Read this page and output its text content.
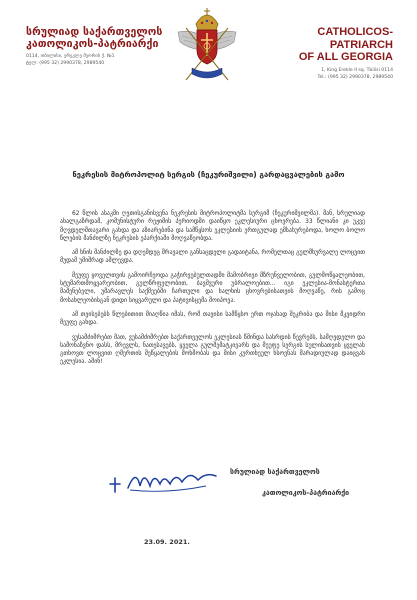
სრულიად საქართველოს
კათოლიკოს-პატრიარქი
0114, თბილისი, ერეკლე მეორის ქ. №1
ტელ: (995 32) 2990378, 2989540
CATHOLICOS-PATRIARCH
OF ALL GEORGIA
1, King Erekle II sq. Tbilisi 0114
Tel.: (995 32) 2990378, 2989540
ნეკრესის მიტროპოლიტ სერგის (ჩეკურიშვილი) გარდაცვალების გამო

62 წლის ასაკში ღვთისგანისვენა ნეკრესის მიტროპოლიტმა სერგიმ (ჩეკურიშვილმა). მან, სრულიად ახალგაზრდამ, კომუნისტური რეჟიმის პერიოდში დაიწყო ეკლესიური ცხოვრება. 33 წლიანი კი უკვე მღვდელმთავარი გახდა და აზიარებინა და სამწყსოს ეკლესიის ერთგულად ემსახურებოდა, ხოლო ბოლო წლების მანძილზე ნეკრესის ეპარქიაში მოღვაწეობდა.

ამ ხნის მანძილზე და დღემდეც მრავალი განსაცდელი გადაიტანა, რომელთაც გულმხურვალე ლოცვით მუდამ უმიშრად ამლევდა.

მეუფე ყოველთვის გამოირჩეოდა გაჭირვებულთადმი მამობრივი მზრუნველობით, გულმოწყალეობით, სტუმართმოყვარეობით, გულწრფელობით, ბავშვური უბრალოებით... იგი ეკლესია-მონასტერთა მაშენებელი, უმარავლეს საქმეებში ჩართული და ხალხის ცხოვრებისათვის მოღვაწე, რის გამოც მოსახლეობისგან დიდი სიყვარული და პატივისცემა მოიპოვა.

ამ თვისებებს წლებითით მიაღწია იმას, რომ თავისი სამწყსო ერთ ოჯახად შეკრიბა და მისი მკვიდრი მეუფე გახდა.

ვუსამძიმრებთ მათ, ვუსამძიმრებთ საქართველოს ეკლესიას წმინდა სასრდის წევრებს, სამღვდელო და სამონაზვნო დასს, მრევლს, ნათესავებს, ყველა გულშემატკივარს და მეუფე სერგის სულისათვის ყველას გთხოვთ ლოცვით ღმერთის შეწყალების მოხმობას და მისი კურთხეულ ხსოვნას მარადიულად დაიცვას ეკლესია. ამინ!

სრულიად საქართველოს
კათოლიკოს-პატრიარქი
23.09. 2021.
